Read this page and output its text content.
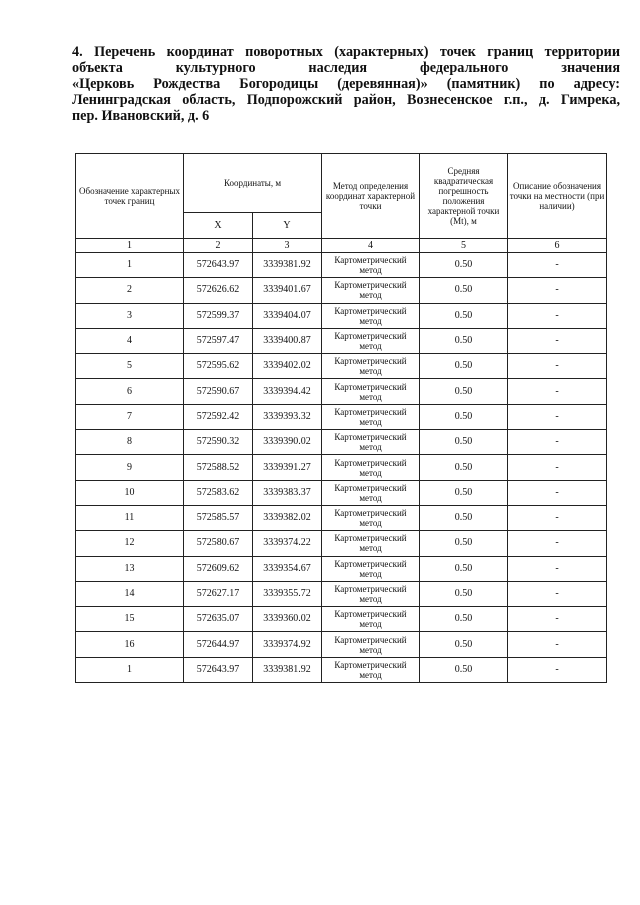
4. Перечень координат поворотных (характерных) точек границ территории
объекта культурного наследия федерального значения
«Церковь Рождества Богородицы (деревянная)» (памятник) по адресу:
Ленинградская область, Подпорожский район, Вознесенское г.п., д. Гимрека,
пер. Ивановский, д. 6
Обозначение характерных точек границ	Координаты, м		Метод определения координат характерной точки	Средняя квадратическая погрешность положения характерной точки (Mt), м	Описание обозначения точки на местности (при наличии)
	X	Y			
1	2	3	4	5	6
1	572643.97	3339381.92	Картометрический метод	0.50	-
2	572626.62	3339401.67	Картометрический метод	0.50	-
3	572599.37	3339404.07	Картометрический метод	0.50	-
4	572597.47	3339400.87	Картометрический метод	0.50	-
5	572595.62	3339402.02	Картометрический метод	0.50	-
6	572590.67	3339394.42	Картометрический метод	0.50	-
7	572592.42	3339393.32	Картометрический метод	0.50	-
8	572590.32	3339390.02	Картометрический метод	0.50	-
9	572588.52	3339391.27	Картометрический метод	0.50	-
10	572583.62	3339383.37	Картометрический метод	0.50	-
11	572585.57	3339382.02	Картометрический метод	0.50	-
12	572580.67	3339374.22	Картометрический метод	0.50	-
13	572609.62	3339354.67	Картометрический метод	0.50	-
14	572627.17	3339355.72	Картометрический метод	0.50	-
15	572635.07	3339360.02	Картометрический метод	0.50	-
16	572644.97	3339374.92	Картометрический метод	0.50	-
1	572643.97	3339381.92	Картометрический метод	0.50	-
